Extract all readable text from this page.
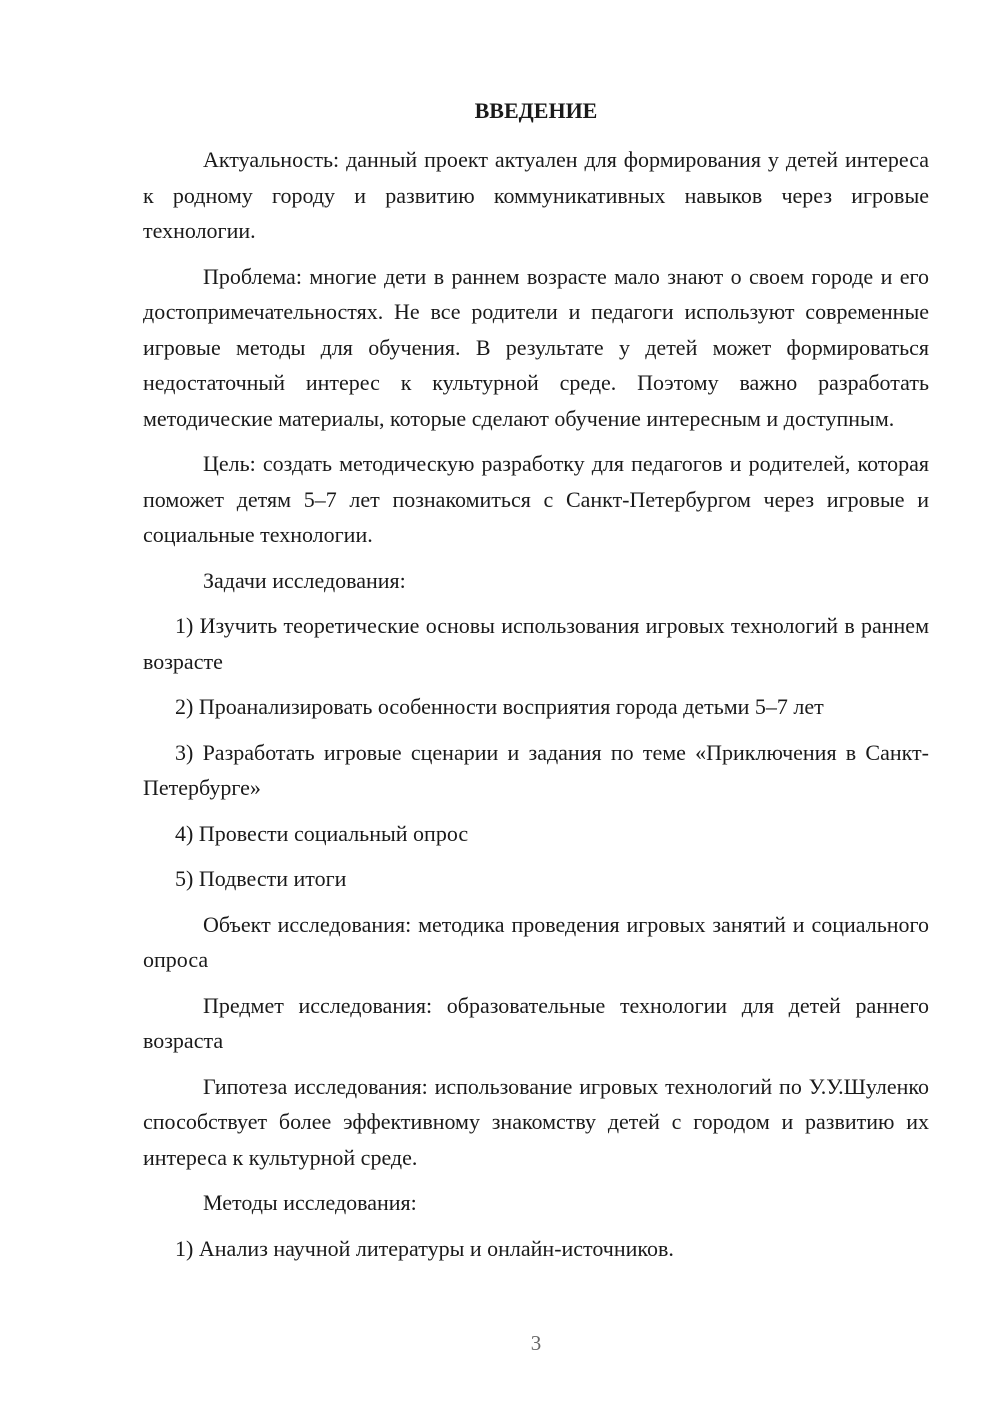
ВВЕДЕНИЕ

Актуальность: данный проект актуален для формирования у детей интереса к родному городу и развитию коммуникативных навыков через игровые технологии.

Проблема: многие дети в раннем возрасте мало знают о своем городе и его достопримечательностях. Не все родители и педагоги используют современные игровые методы для обучения. В результате у детей может формироваться недостаточный интерес к культурной среде. Поэтому важно разработать методические материалы, которые сделают обучение интересным и доступным.

Цель: создать методическую разработку для педагогов и родителей, которая поможет детям 5–7 лет познакомиться с Санкт-Петербургом через игровые и социальные технологии.

Задачи исследования:

1) Изучить теоретические основы использования игровых технологий в раннем возрасте

2) Проанализировать особенности восприятия города детьми 5–7 лет

3) Разработать игровые сценарии и задания по теме «Приключения в Санкт-Петербурге»

4) Провести социальный опрос

5) Подвести итоги

Объект исследования: методика проведения игровых занятий и социального опроса

Предмет исследования: образовательные технологии для детей раннего возраста

Гипотеза исследования: использование игровых технологий по У.У.Шуленко способствует более эффективному знакомству детей с городом и развитию их интереса к культурной среде.

Методы исследования:

1) Анализ научной литературы и онлайн-источников.

3
